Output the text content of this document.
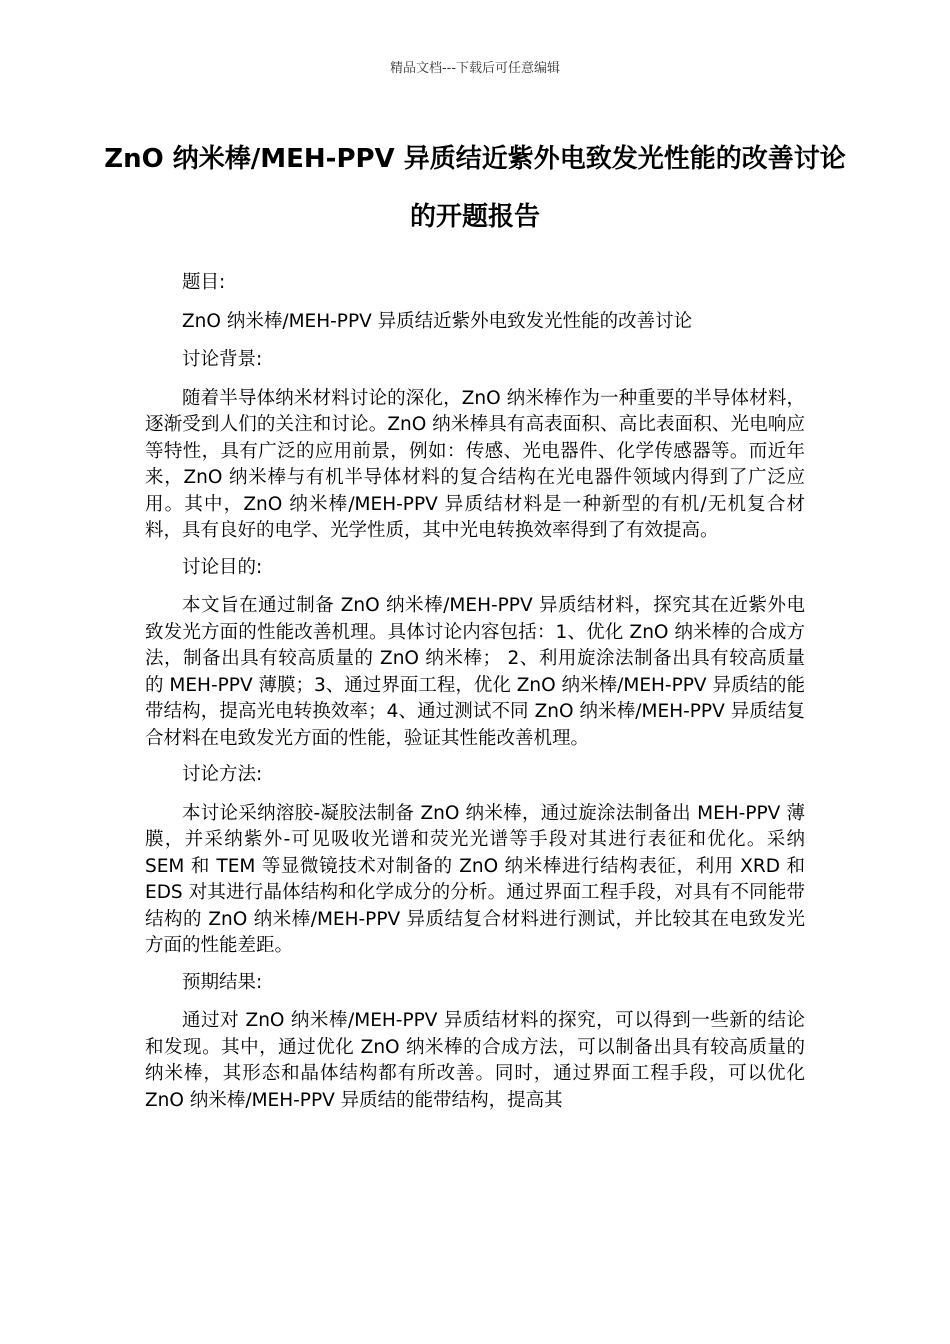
精品文档---下载后可任意编辑
ZnO 纳米棒/MEH-PPV 异质结近紫外电致发光性能的改善讨论的开题报告

题目:

ZnO 纳米棒/MEH-PPV 异质结近紫外电致发光性能的改善讨论

讨论背景:

随着半导体纳米材料讨论的深化，ZnO 纳米棒作为一种重要的半导体材料，逐渐受到人们的关注和讨论。ZnO 纳米棒具有高表面积、高比表面积、光电响应等特性，具有广泛的应用前景，例如：传感、光电器件、化学传感器等。而近年来，ZnO 纳米棒与有机半导体材料的复合结构在光电器件领域内得到了广泛应用。其中，ZnO 纳米棒/MEH-PPV 异质结材料是一种新型的有机/无机复合材料，具有良好的电学、光学性质，其中光电转换效率得到了有效提高。

讨论目的:

本文旨在通过制备 ZnO 纳米棒/MEH-PPV 异质结材料，探究其在近紫外电致发光方面的性能改善机理。具体讨论内容包括：1、优化 ZnO 纳米棒的合成方法，制备出具有较高质量的 ZnO 纳米棒； 2、利用旋涂法制备出具有较高质量的 MEH-PPV 薄膜；3、通过界面工程，优化 ZnO 纳米棒/MEH-PPV 异质结的能带结构，提高光电转换效率；4、通过测试不同 ZnO 纳米棒/MEH-PPV 异质结复合材料在电致发光方面的性能，验证其性能改善机理。

讨论方法:

本讨论采纳溶胶-凝胶法制备 ZnO 纳米棒，通过旋涂法制备出 MEH-PPV 薄膜，并采纳紫外-可见吸收光谱和荧光光谱等手段对其进行表征和优化。采纳 SEM 和 TEM 等显微镜技术对制备的 ZnO 纳米棒进行结构表征，利用 XRD 和 EDS 对其进行晶体结构和化学成分的分析。通过界面工程手段，对具有不同能带结构的 ZnO 纳米棒/MEH-PPV 异质结复合材料进行测试，并比较其在电致发光方面的性能差距。

预期结果:

通过对 ZnO 纳米棒/MEH-PPV 异质结材料的探究，可以得到一些新的结论和发现。其中，通过优化 ZnO 纳米棒的合成方法，可以制备出具有较高质量的纳米棒，其形态和晶体结构都有所改善。同时，通过界面工程手段，可以优化 ZnO 纳米棒/MEH-PPV 异质结的能带结构，提高其
